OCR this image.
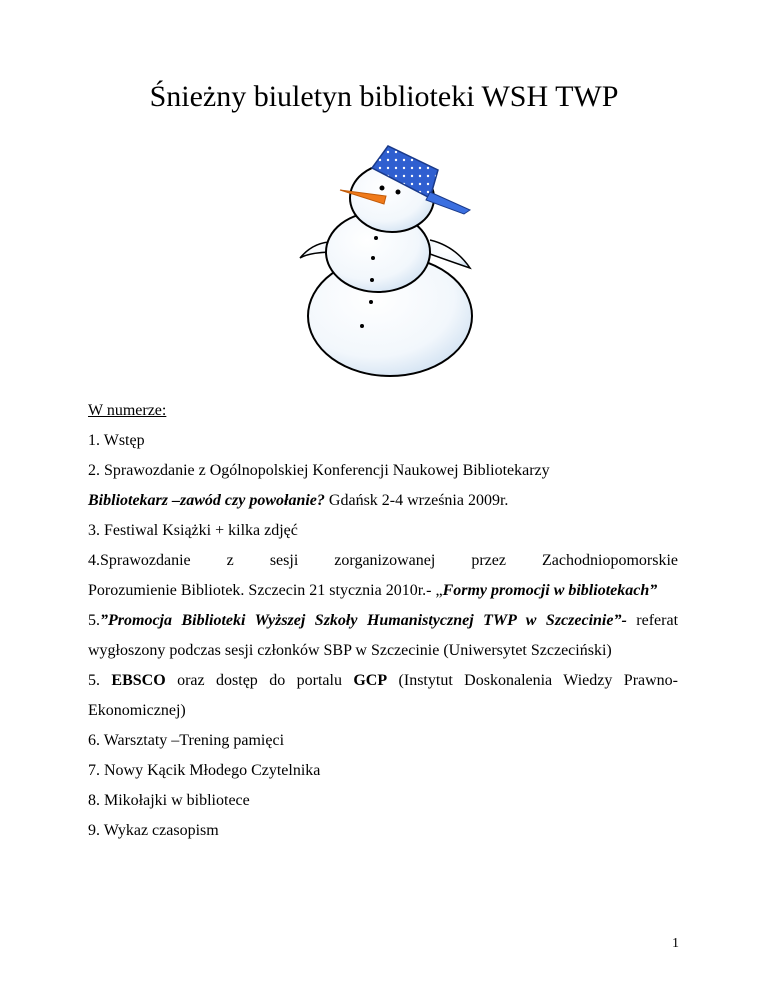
Śnieżny biuletyn biblioteki WSH TWP
W numerze:
1. Wstęp
2. Sprawozdanie z Ogólnopolskiej Konferencji Naukowej Bibliotekarzy
Bibliotekarz –zawód czy powołanie? Gdańsk 2-4 września 2009r.
3. Festiwal Książki + kilka zdjęć
4.Sprawozdanie z sesji zorganizowanej przez Zachodniopomorskie
Porozumienie Bibliotek. Szczecin 21 stycznia 2010r.- „Formy promocji w bibliotekach”
5.”Promocja Biblioteki Wyższej Szkoły Humanistycznej TWP w Szczecinie”- referat wygłoszony podczas sesji członków SBP w Szczecinie (Uniwersytet Szczeciński)
5. EBSCO oraz dostęp do portalu GCP (Instytut Doskonalenia Wiedzy Prawno-Ekonomicznej)
6. Warsztaty –Trening pamięci
7. Nowy Kącik Młodego Czytelnika
8. Mikołajki w bibliotece
9. Wykaz czasopism
1
